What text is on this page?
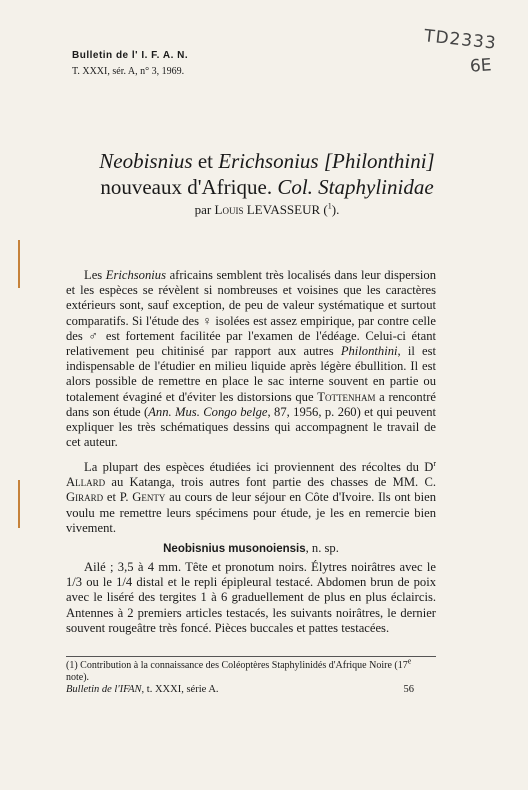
Bulletin de l' I. F. A. N.
T. XXXI, sér. A, n° 3, 1969.
TD2333
6E
Neobisnius et Erichsonius [Philonthini]
nouveaux d'Afrique. Col. Staphylinidae
par Louis LEVASSEUR ($^1$).
Les Erichsonius africains semblent très localisés dans leur dispersion et les espèces se révèlent si nombreuses et voisines que les caractères extérieurs sont, sauf exception, de peu de valeur systématique et surtout comparatifs. Si l'étude des ♀ isolées est assez empirique, par contre celle des ♂ est fortement facilitée par l'examen de l'édéage. Celui-ci étant relativement peu chitinisé par rapport aux autres Philonthini, il est indispensable de l'étudier en milieu liquide après légère ébullition. Il est alors possible de remettre en place le sac interne souvent en partie ou totalement évaginé et d'éviter les distorsions que Tottenham a rencontré dans son étude (Ann. Mus. Congo belge, 87, 1956, p. 260) et qui peuvent expliquer les très schématiques dessins qui accompagnent le travail de cet auteur.
La plupart des espèces étudiées ici proviennent des récoltes du $D^r$ Allard au Katanga, trois autres font partie des chasses de MM. C. Girard et P. Genty au cours de leur séjour en Côte d'Ivoire. Ils ont bien voulu me remettre leurs spécimens pour étude, je les en remercie bien vivement.
Neobisnius musonoiensis, n. sp.
Ailé ; 3,5 à 4 mm. Tête et pronotum noirs. Élytres noirâtres avec le 1/3 ou le 1/4 distal et le repli épipleural testacé. Abdomen brun de poix avec le liséré des tergites 1 à 6 graduellement de plus en plus éclaircis. Antennes à 2 premiers articles testacés, les suivants noirâtres, le dernier souvent rougeâtre très foncé. Pièces buccales et pattes testacées.
(1) Contribution à la connaissance des Coléoptères Staphylinidés d'Afrique Noire (17e note).
Bulletin de l'IFAN, t. XXXI, série A.	56
